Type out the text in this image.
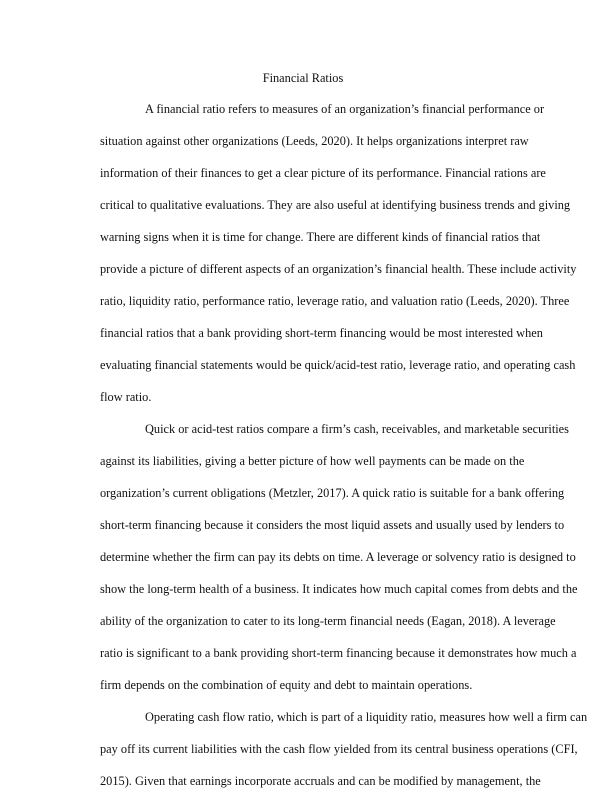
Financial Ratios
A financial ratio refers to measures of an organization’s financial performance or
situation against other organizations (Leeds, 2020). It helps organizations interpret raw
information of their finances to get a clear picture of its performance. Financial rations are
critical to qualitative evaluations. They are also useful at identifying business trends and giving
warning signs when it is time for change. There are different kinds of financial ratios that
provide a picture of different aspects of an organization’s financial health. These include activity
ratio, liquidity ratio, performance ratio, leverage ratio, and valuation ratio (Leeds, 2020). Three
financial ratios that a bank providing short-term financing would be most interested when
evaluating financial statements would be quick/acid-test ratio, leverage ratio, and operating cash
flow ratio.
Quick or acid-test ratios compare a firm’s cash, receivables, and marketable securities
against its liabilities, giving a better picture of how well payments can be made on the
organization’s current obligations (Metzler, 2017). A quick ratio is suitable for a bank offering
short-term financing because it considers the most liquid assets and usually used by lenders to
determine whether the firm can pay its debts on time. A leverage or solvency ratio is designed to
show the long-term health of a business. It indicates how much capital comes from debts and the
ability of the organization to cater to its long-term financial needs (Eagan, 2018). A leverage
ratio is significant to a bank providing short-term financing because it demonstrates how much a
firm depends on the combination of equity and debt to maintain operations.
Operating cash flow ratio, which is part of a liquidity ratio, measures how well a firm can
pay off its current liabilities with the cash flow yielded from its central business operations (CFI,
2015). Given that earnings incorporate accruals and can be modified by management, the
